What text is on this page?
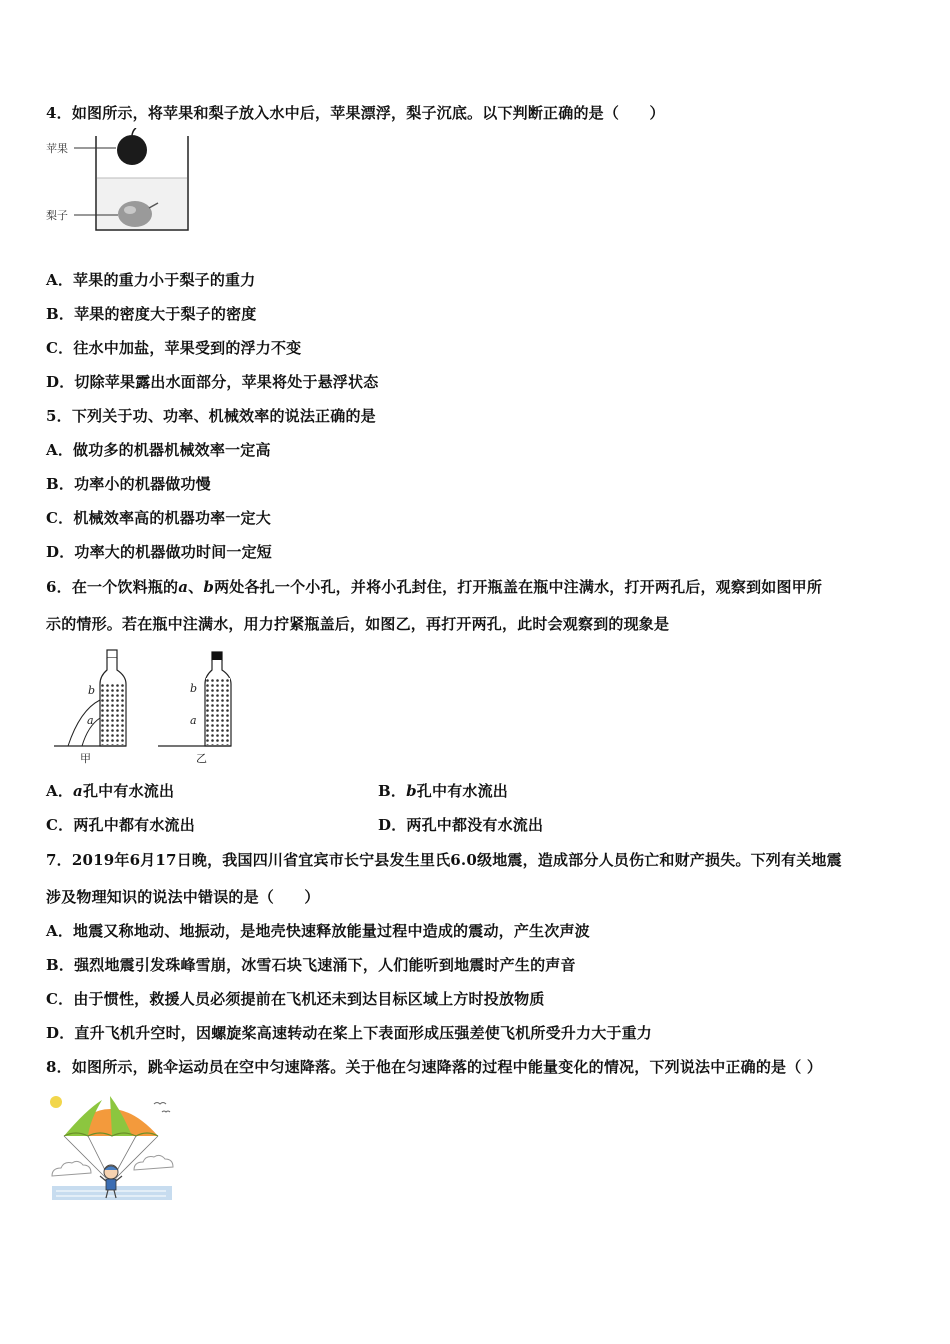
4．如图所示，将苹果和梨子放入水中后，苹果漂浮，梨子沉底。以下判断正确的是（　　）
苹果
梨子
A．苹果的重力小于梨子的重力
B．苹果的密度大于梨子的密度
C．往水中加盐，苹果受到的浮力不变
D．切除苹果露出水面部分，苹果将处于悬浮状态
5．下列关于功、功率、机械效率的说法正确的是
A．做功多的机器机械效率一定高
B．功率小的机器做功慢
C．机械效率高的机器功率一定大
D．功率大的机器做功时间一定短
6．在一个饮料瓶的a、b两处各扎一个小孔，并将小孔封住，打开瓶盖在瓶中注满水，打开两孔后，观察到如图甲所
示的情形。若在瓶中注满水，用力拧紧瓶盖后，如图乙，再打开两孔，此时会观察到的现象是
b
a
甲
b
a
乙
A．a孔中有水流出	B．b孔中有水流出
C．两孔中都有水流出	D．两孔中都没有水流出
7．2019年6月17日晚，我国四川省宜宾市长宁县发生里氏6.0级地震，造成部分人员伤亡和财产损失。下列有关地震
涉及物理知识的说法中错误的是（　　）
A．地震又称地动、地振动，是地壳快速释放能量过程中造成的震动，产生次声波
B．强烈地震引发珠峰雪崩，冰雪石块飞速涌下，人们能听到地震时产生的声音
C．由于惯性，救援人员必须提前在飞机还未到达目标区域上方时投放物质
D．直升飞机升空时，因螺旋桨高速转动在桨上下表面形成压强差使飞机所受升力大于重力
8．如图所示，跳伞运动员在空中匀速降落。关于他在匀速降落的过程中能量变化的情况，下列说法中正确的是（ ）
